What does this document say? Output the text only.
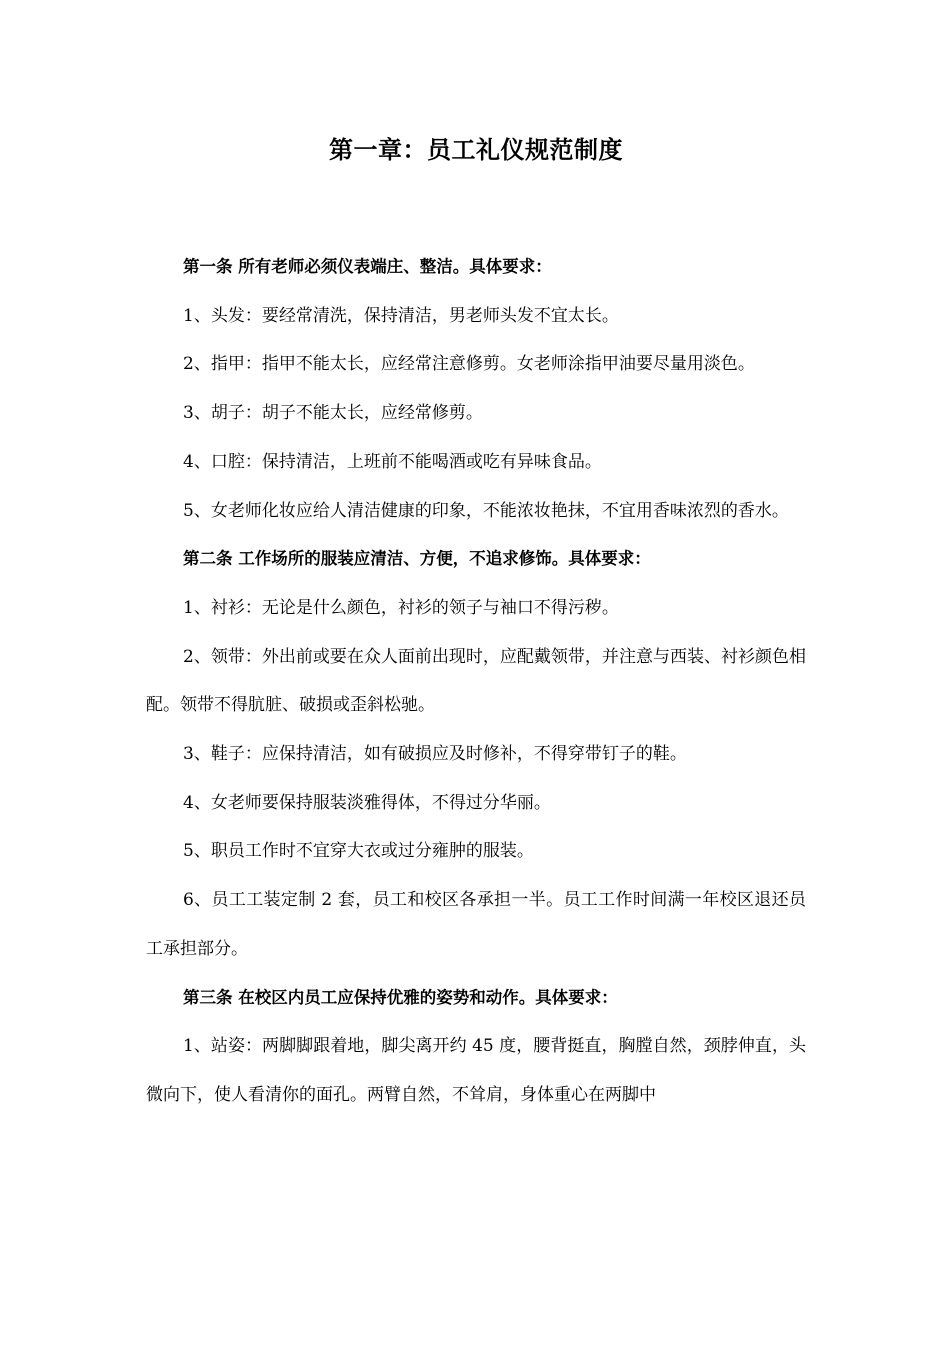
第一章：员工礼仪规范制度

第一条 所有老师必须仪表端庄、整洁。具体要求：

1、头发：要经常清洗，保持清洁，男老师头发不宜太长。

2、指甲：指甲不能太长，应经常注意修剪。女老师涂指甲油要尽量用淡色。

3、胡子：胡子不能太长，应经常修剪。

4、口腔：保持清洁，上班前不能喝酒或吃有异味食品。

5、女老师化妆应给人清洁健康的印象，不能浓妆艳抹，不宜用香味浓烈的香水。

第二条 工作场所的服装应清洁、方便，不追求修饰。具体要求：

1、衬衫：无论是什么颜色，衬衫的领子与袖口不得污秽。

2、领带：外出前或要在众人面前出现时，应配戴领带，并注意与西装、衬衫颜色相配。领带不得肮脏、破损或歪斜松驰。

3、鞋子：应保持清洁，如有破损应及时修补，不得穿带钉子的鞋。

4、女老师要保持服装淡雅得体，不得过分华丽。

5、职员工作时不宜穿大衣或过分雍肿的服装。

6、员工工装定制 2 套，员工和校区各承担一半。员工工作时间满一年校区退还员工承担部分。

第三条 在校区内员工应保持优雅的姿势和动作。具体要求：

1、站姿：两脚脚跟着地，脚尖离开约 45 度，腰背挺直，胸膛自然，颈脖伸直，头微向下，使人看清你的面孔。两臂自然，不耸肩，身体重心在两脚中
